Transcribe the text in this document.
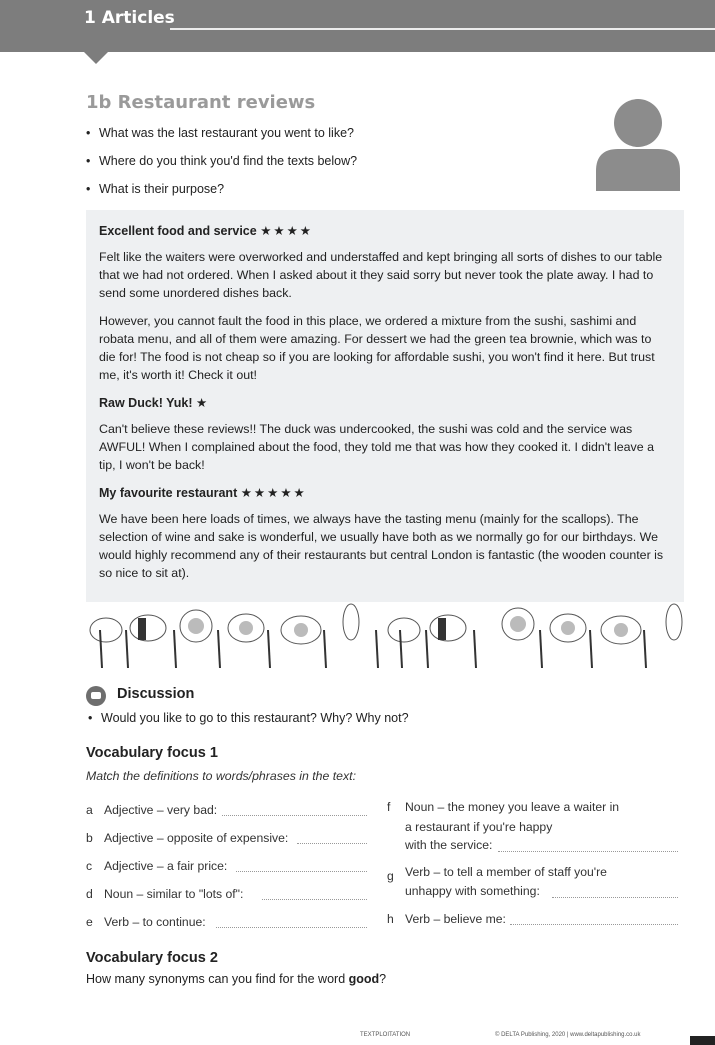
1 Articles
1b Restaurant reviews
• What was the last restaurant you went to like?
• Where do you think you'd find the texts below?
• What is their purpose?
Excellent food and service ★★★★

Felt like the waiters were overworked and understaffed and kept bringing all sorts of dishes to our table that we had not ordered. When I asked about it they said sorry but never took the plate away. I had to send some unordered dishes back.

However, you cannot fault the food in this place, we ordered a mixture from the sushi, sashimi and robata menu, and all of them were amazing. For dessert we had the green tea brownie, which was to die for! The food is not cheap so if you are looking for affordable sushi, you won't find it here. But trust me, it's worth it! Check it out!

Raw Duck! Yuk! ★

Can't believe these reviews!! The duck was undercooked, the sushi was cold and the service was AWFUL! When I complained about the food, they told me that was how they cooked it. I didn't leave a tip, I won't be back!

My favourite restaurant ★★★★★

We have been here loads of times, we always have the tasting menu (mainly for the scallops). The selection of wine and sake is wonderful, we usually have both as we normally go for our birthdays. We would highly recommend any of their restaurants but central London is fantastic (the wooden counter is so nice to sit at).

Discussion
• Would you like to go to this restaurant? Why? Why not?
Vocabulary focus 1
Match the definitions to words/phrases in the text:
a Adjective – very bad:
b Adjective – opposite of expensive:
c Adjective – a fair price:
d Noun – similar to "lots of":
e Verb – to continue:
f Noun – the money you leave a waiter in
a restaurant if you're happy
with the service:
g Verb – to tell a member of staff you're
unhappy with something:
h Verb – believe me:
Vocabulary focus 2
How many synonyms can you find for the word good?
TEXTPLOITATION	© DELTA Publishing, 2020 | www.deltapublishing.co.uk
